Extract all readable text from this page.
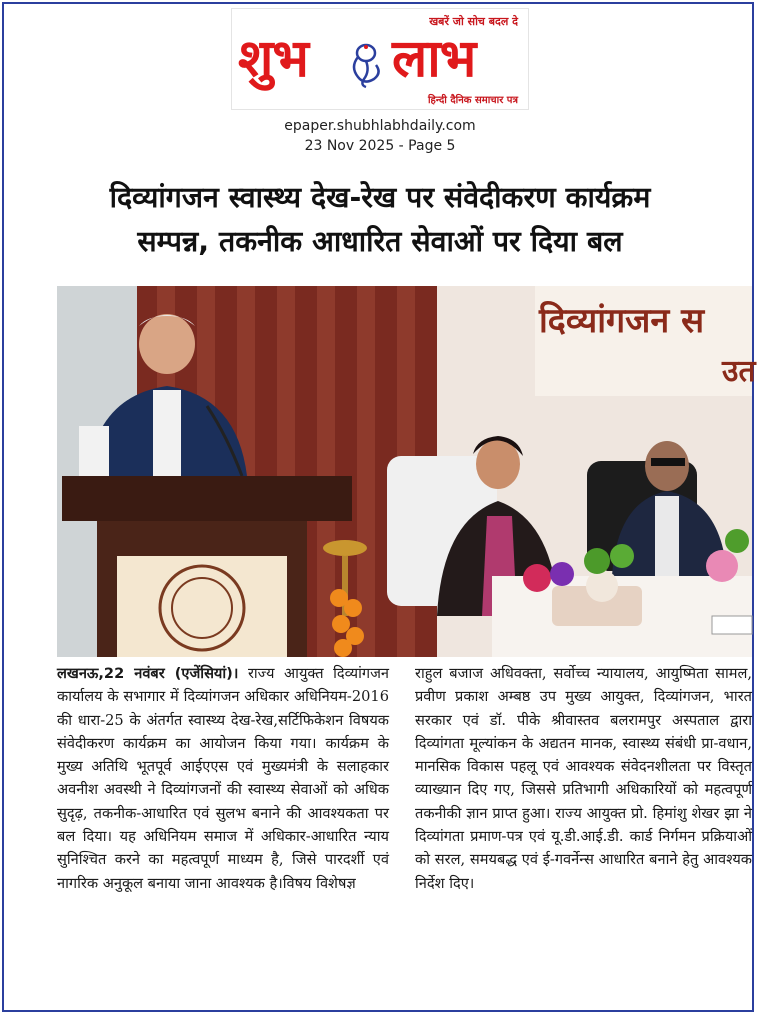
खबरें जो सोच बदल दे
शुभ लाभ
हिन्दी दैनिक समाचार पत्र
epaper.shubhlabhdaily.com
23 Nov 2025 - Page 5
दिव्यांगजन स्वास्थ्य देख-रेख पर संवेदीकरण कार्यक्रम
सम्पन्न, तकनीक आधारित सेवाओं पर दिया बल
दिव्यांगजन स
उत
लखनऊ,22 नवंबर (एजेंसियां)। राज्य आयुक्त दिव्यांगजन कार्यालय के सभागार में दिव्यांगजन अधिकार अधिनियम-2016 की धारा-25 के अंतर्गत स्वास्थ्य देख-रेख,सर्टिफिकेशन विषयक संवेदीकरण कार्यक्रम का आयोजन किया गया। कार्यक्रम के मुख्य अतिथि भूतपूर्व आईएएस एवं मुख्यमंत्री के सलाहकार अवनीश अवस्थी ने दिव्यांगजनों की स्वास्थ्य सेवाओं को अधिक सुदृढ़, तकनीक-आधारित एवं सुलभ बनाने की आवश्यकता पर बल दिया। यह अधिनियम समाज में अधिकार-आधारित न्याय सुनिश्चित करने का महत्वपूर्ण माध्यम है, जिसे पारदर्शी एवं नागरिक अनुकूल बनाया जाना आवश्यक है।विषय विशेषज्ञ
राहुल बजाज अधिवक्ता, सर्वोच्च न्यायालय, आयुष्मिता सामल, प्रवीण प्रकाश अम्बष्ठ उप मुख्य आयुक्त, दिव्यांगजन, भारत सरकार एवं डॉ. पीके श्रीवास्तव बलरामपुर अस्पताल द्वारा दिव्यांगता मूल्यांकन के अद्यतन मानक, स्वास्थ्य संबंधी प्रा-वधान, मानसिक विकास पहलू एवं आवश्यक संवेदनशीलता पर विस्तृत व्याख्यान दिए गए, जिससे प्रतिभागी अधिकारियों को महत्वपूर्ण तकनीकी ज्ञान प्राप्त हुआ। राज्य आयुक्त प्रो. हिमांशु शेखर झा ने दिव्यांगता प्रमाण-पत्र एवं यू.डी.आई.डी. कार्ड निर्गमन प्रक्रियाओं को सरल, समयबद्ध एवं ई-गवर्नेन्स आधारित बनाने हेतु आवश्यक निर्देश दिए।
